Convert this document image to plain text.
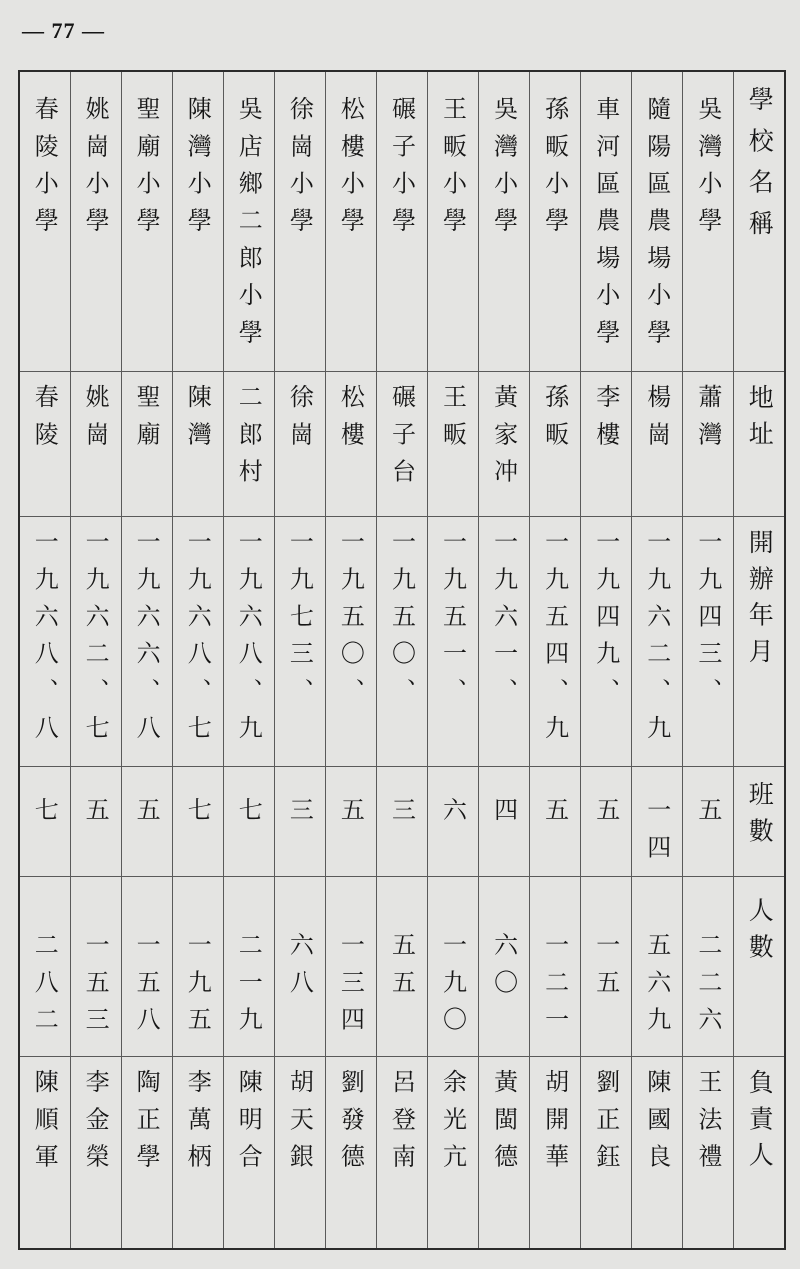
— 77 —
春陵小學	姚崗小學	聖廟小學	陳灣小學	吳店鄉二郎小學	徐崗小學	松樓小學	碾子小學	王畈小學	吳灣小學	孫畈小學	車河區農場小學	隨陽區農場小學	吳灣小學	學校名稱
春陵	姚崗	聖廟	陳灣	二郎村	徐崗	松樓	碾子台	王畈	黃家冲	孫畈	李樓	楊崗	蕭灣	地址
一九六八、八	一九六二、七	一九六六、八	一九六八、七	一九六八、九	一九七三、	一九五〇、	一九五〇、	一九五一、	一九六一、	一九五四、九	一九四九、	一九六二、九	一九四三、	開辦年月
七	五	五	七	七	三	五	三	六	四	五	五	一四	五	班數
二八二	一五三	一五八	一九五	二一九	六八	一三四	五五	一九〇	六〇	一二一	一五	五六九	二二六	人數
陳順軍	李金榮	陶正學	李萬柄	陳明合	胡天銀	劉發德	呂登南	余光亢	黃閩德	胡開華	劉正鈺	陳國良	王法禮	負責人
